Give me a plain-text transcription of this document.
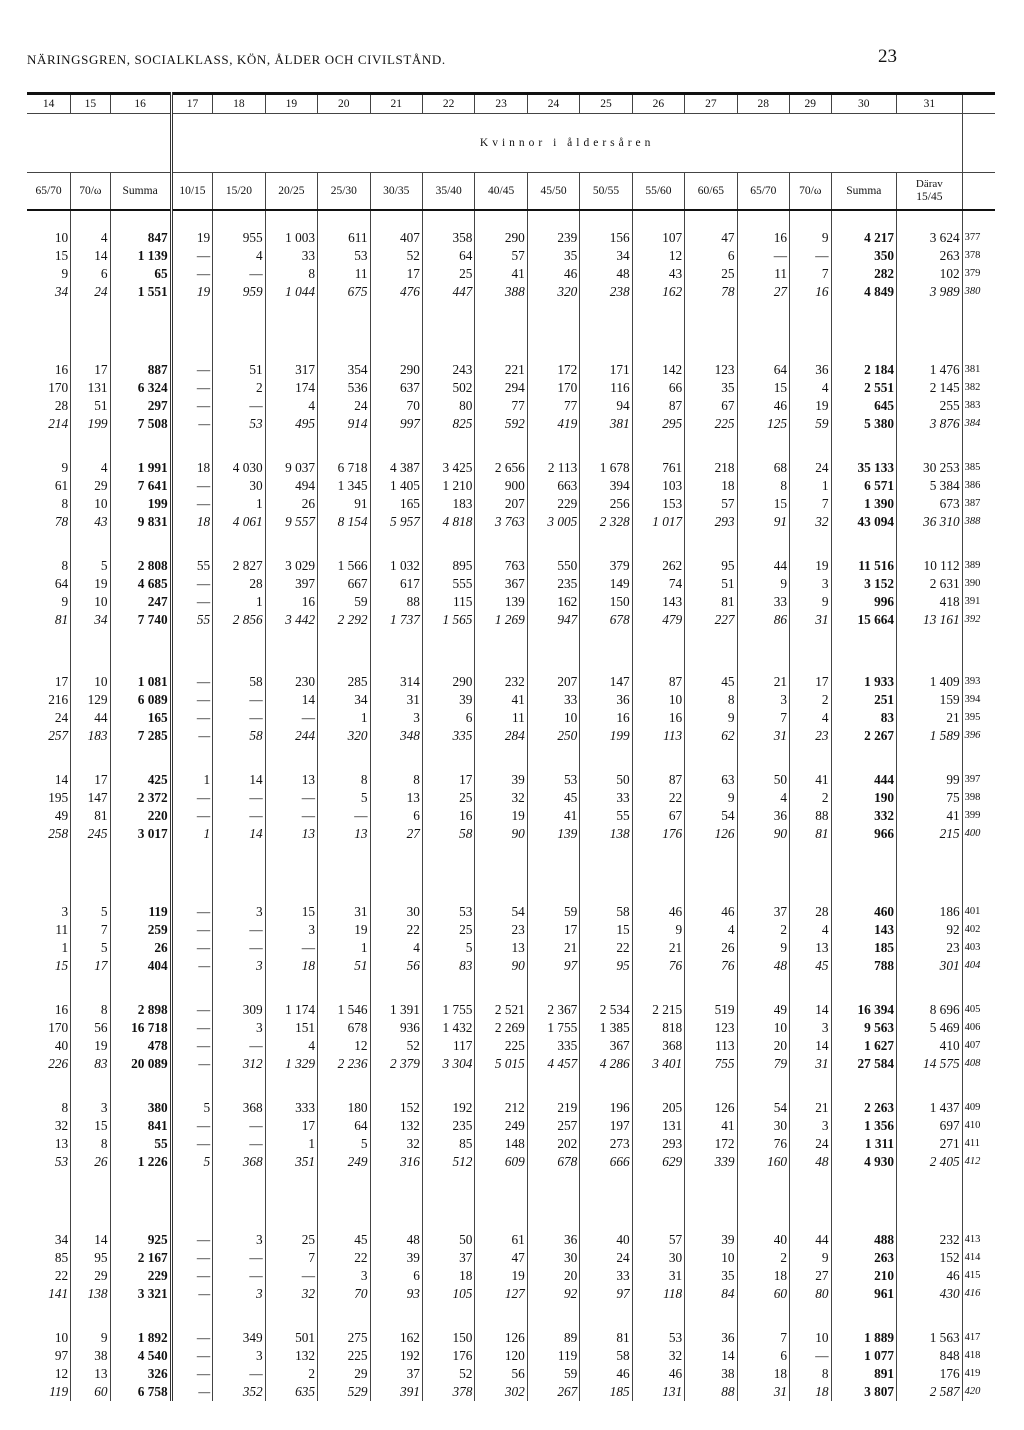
NÄRINGSGREN, SOCIALKLASS, KÖN, ÅLDER OCH CIVILSTÅND.	23
14	15	16	17	18	19	20	21	22	23	24	25	26	27	28	29	30	31	
			Kvinnor i åldersåren															
65/70	70/ω	Summa	10/15	15/20	20/25	25/30	30/35	35/40	40/45	45/50	50/55	55/60	60/65	65/70	70/ω	Summa	Därav
15/45	

10	4	847	19	955	1 003	611	407	358	290	239	156	107	47	16	9	4 217	3 624	377
15	14	1 139	—	4	33	53	52	64	57	35	34	12	6	—	—	350	263	378
9	6	65	—	—	8	11	17	25	41	46	48	43	25	11	7	282	102	379
34	24	1 551	19	959	1 044	675	476	447	388	320	238	162	78	27	16	4 849	3 989	380

16	17	887	—	51	317	354	290	243	221	172	171	142	123	64	36	2 184	1 476	381
170	131	6 324	—	2	174	536	637	502	294	170	116	66	35	15	4	2 551	2 145	382
28	51	297	—	—	4	24	70	80	77	77	94	87	67	46	19	645	255	383
214	199	7 508	—	53	495	914	997	825	592	419	381	295	225	125	59	5 380	3 876	384

9	4	1 991	18	4 030	9 037	6 718	4 387	3 425	2 656	2 113	1 678	761	218	68	24	35 133	30 253	385
61	29	7 641	—	30	494	1 345	1 405	1 210	900	663	394	103	18	8	1	6 571	5 384	386
8	10	199	—	1	26	91	165	183	207	229	256	153	57	15	7	1 390	673	387
78	43	9 831	18	4 061	9 557	8 154	5 957	4 818	3 763	3 005	2 328	1 017	293	91	32	43 094	36 310	388

8	5	2 808	55	2 827	3 029	1 566	1 032	895	763	550	379	262	95	44	19	11 516	10 112	389
64	19	4 685	—	28	397	667	617	555	367	235	149	74	51	9	3	3 152	2 631	390
9	10	247	—	1	16	59	88	115	139	162	150	143	81	33	9	996	418	391
81	34	7 740	55	2 856	3 442	2 292	1 737	1 565	1 269	947	678	479	227	86	31	15 664	13 161	392

17	10	1 081	—	58	230	285	314	290	232	207	147	87	45	21	17	1 933	1 409	393
216	129	6 089	—	—	14	34	31	39	41	33	36	10	8	3	2	251	159	394
24	44	165	—	—	—	1	3	6	11	10	16	16	9	7	4	83	21	395
257	183	7 285	—	58	244	320	348	335	284	250	199	113	62	31	23	2 267	1 589	396

14	17	425	1	14	13	8	8	17	39	53	50	87	63	50	41	444	99	397
195	147	2 372	—	—	—	5	13	25	32	45	33	22	9	4	2	190	75	398
49	81	220	—	—	—	—	6	16	19	41	55	67	54	36	88	332	41	399
258	245	3 017	1	14	13	13	27	58	90	139	138	176	126	90	81	966	215	400

3	5	119	—	3	15	31	30	53	54	59	58	46	46	37	28	460	186	401
11	7	259	—	—	3	19	22	25	23	17	15	9	4	2	4	143	92	402
1	5	26	—	—	—	1	4	5	13	21	22	21	26	9	13	185	23	403
15	17	404	—	3	18	51	56	83	90	97	95	76	76	48	45	788	301	404

16	8	2 898	—	309	1 174	1 546	1 391	1 755	2 521	2 367	2 534	2 215	519	49	14	16 394	8 696	405
170	56	16 718	—	3	151	678	936	1 432	2 269	1 755	1 385	818	123	10	3	9 563	5 469	406
40	19	478	—	—	4	12	52	117	225	335	367	368	113	20	14	1 627	410	407
226	83	20 089	—	312	1 329	2 236	2 379	3 304	5 015	4 457	4 286	3 401	755	79	31	27 584	14 575	408

8	3	380	5	368	333	180	152	192	212	219	196	205	126	54	21	2 263	1 437	409
32	15	841	—	—	17	64	132	235	249	257	197	131	41	30	3	1 356	697	410
13	8	55	—	—	1	5	32	85	148	202	273	293	172	76	24	1 311	271	411
53	26	1 226	5	368	351	249	316	512	609	678	666	629	339	160	48	4 930	2 405	412

34	14	925	—	3	25	45	48	50	61	36	40	57	39	40	44	488	232	413
85	95	2 167	—	—	7	22	39	37	47	30	24	30	10	2	9	263	152	414
22	29	229	—	—	—	3	6	18	19	20	33	31	35	18	27	210	46	415
141	138	3 321	—	3	32	70	93	105	127	92	97	118	84	60	80	961	430	416

10	9	1 892	—	349	501	275	162	150	126	89	81	53	36	7	10	1 889	1 563	417
97	38	4 540	—	3	132	225	192	176	120	119	58	32	14	6	—	1 077	848	418
12	13	326	—	—	2	29	37	52	56	59	46	46	38	18	8	891	176	419
119	60	6 758	—	352	635	529	391	378	302	267	185	131	88	31	18	3 807	2 587	420
